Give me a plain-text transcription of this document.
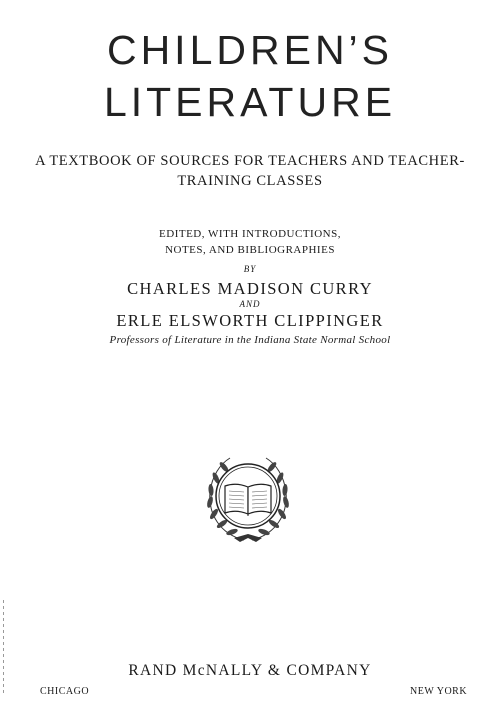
CHILDREN’S
LITERATURE
A TEXTBOOK OF SOURCES FOR TEACHERS AND TEACHER-
TRAINING CLASSES
EDITED, WITH INTRODUCTIONS,
NOTES, AND BIBLIOGRAPHIES
BY
CHARLES MADISON CURRY
AND
ERLE ELSWORTH CLIPPINGER
Professors of Literature in the Indiana State Normal School
RAND McNALLY & COMPANY
CHICAGO	NEW YORK
